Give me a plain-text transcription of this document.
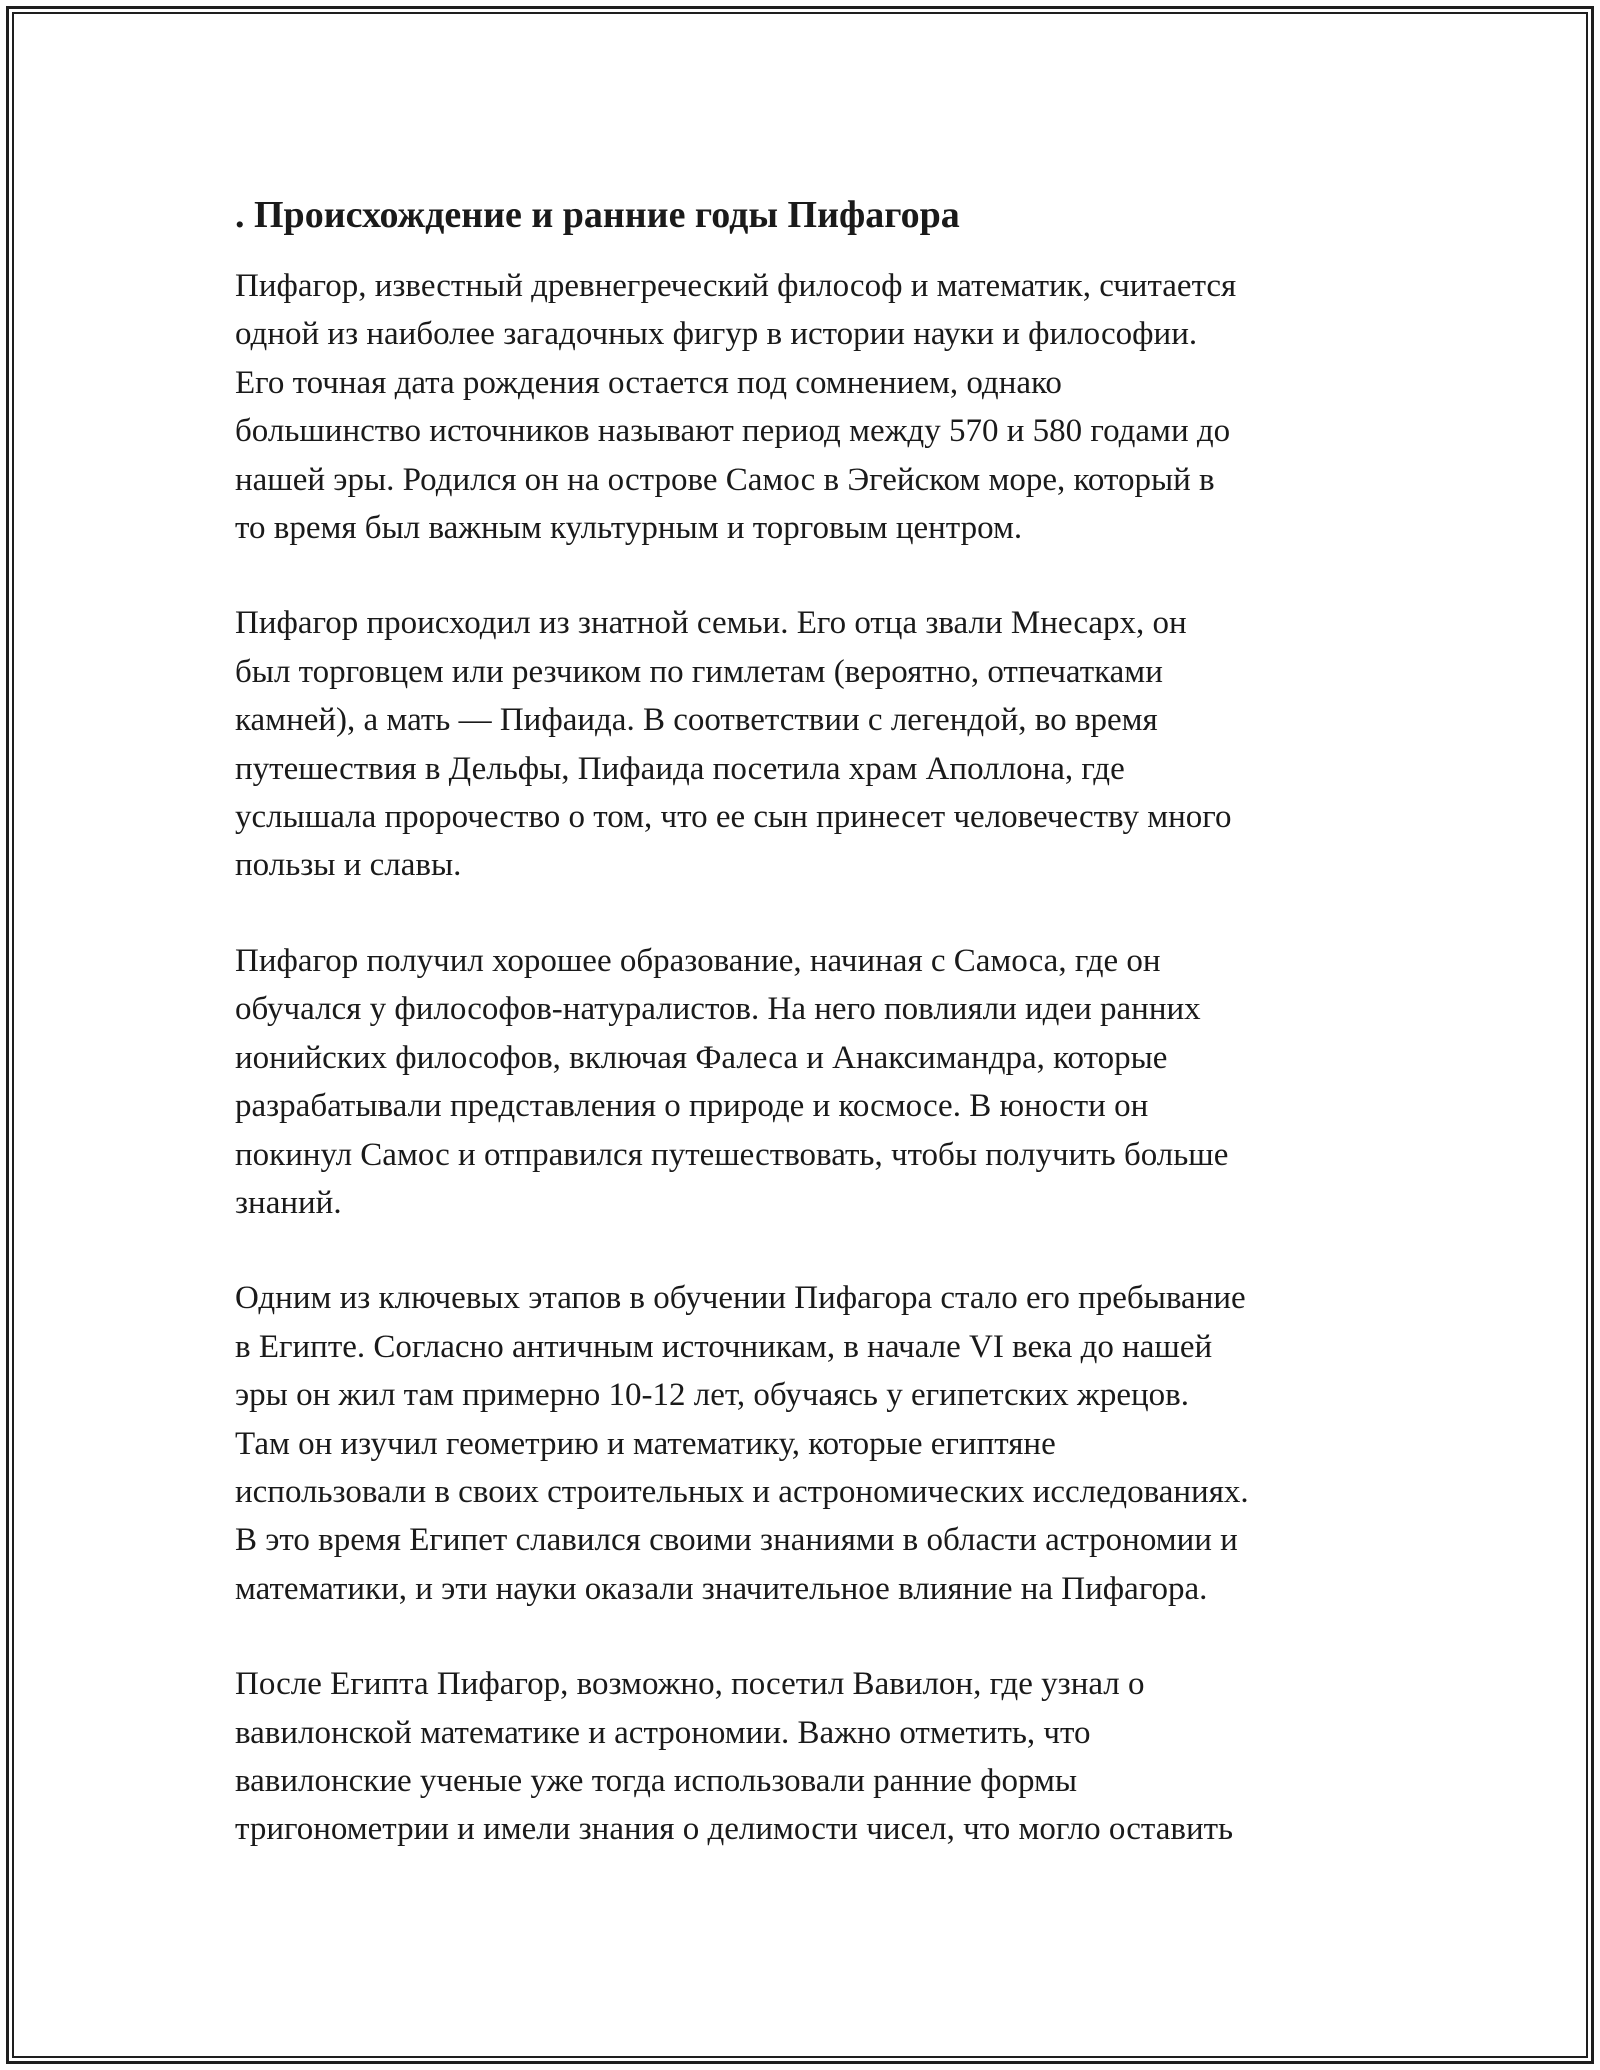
. Происхождение и ранние годы Пифагора

Пифагор, известный древнегреческий философ и математик, считается
одной из наиболее загадочных фигур в истории науки и философии.
Его точная дата рождения остается под сомнением, однако
большинство источников называют период между 570 и 580 годами до
нашей эры. Родился он на острове Самос в Эгейском море, который в
то время был важным культурным и торговым центром.

Пифагор происходил из знатной семьи. Его отца звали Мнесарх, он
был торговцем или резчиком по гимлетам (вероятно, отпечатками
камней), а мать — Пифаида. В соответствии с легендой, во время
путешествия в Дельфы, Пифаида посетила храм Аполлона, где
услышала пророчество о том, что ее сын принесет человечеству много
пользы и славы.

Пифагор получил хорошее образование, начиная с Самоса, где он
обучался у философов-натуралистов. На него повлияли идеи ранних
ионийских философов, включая Фалеса и Анаксимандра, которые
разрабатывали представления о природе и космосе. В юности он
покинул Самос и отправился путешествовать, чтобы получить больше
знаний.

Одним из ключевых этапов в обучении Пифагора стало его пребывание
в Египте. Согласно античным источникам, в начале VI века до нашей
эры он жил там примерно 10-12 лет, обучаясь у египетских жрецов.
Там он изучил геометрию и математику, которые египтяне
использовали в своих строительных и астрономических исследованиях.
В это время Египет славился своими знаниями в области астрономии и
математики, и эти науки оказали значительное влияние на Пифагора.

После Египта Пифагор, возможно, посетил Вавилон, где узнал о
вавилонской математике и астрономии. Важно отметить, что
вавилонские ученые уже тогда использовали ранние формы
тригонометрии и имели знания о делимости чисел, что могло оставить
